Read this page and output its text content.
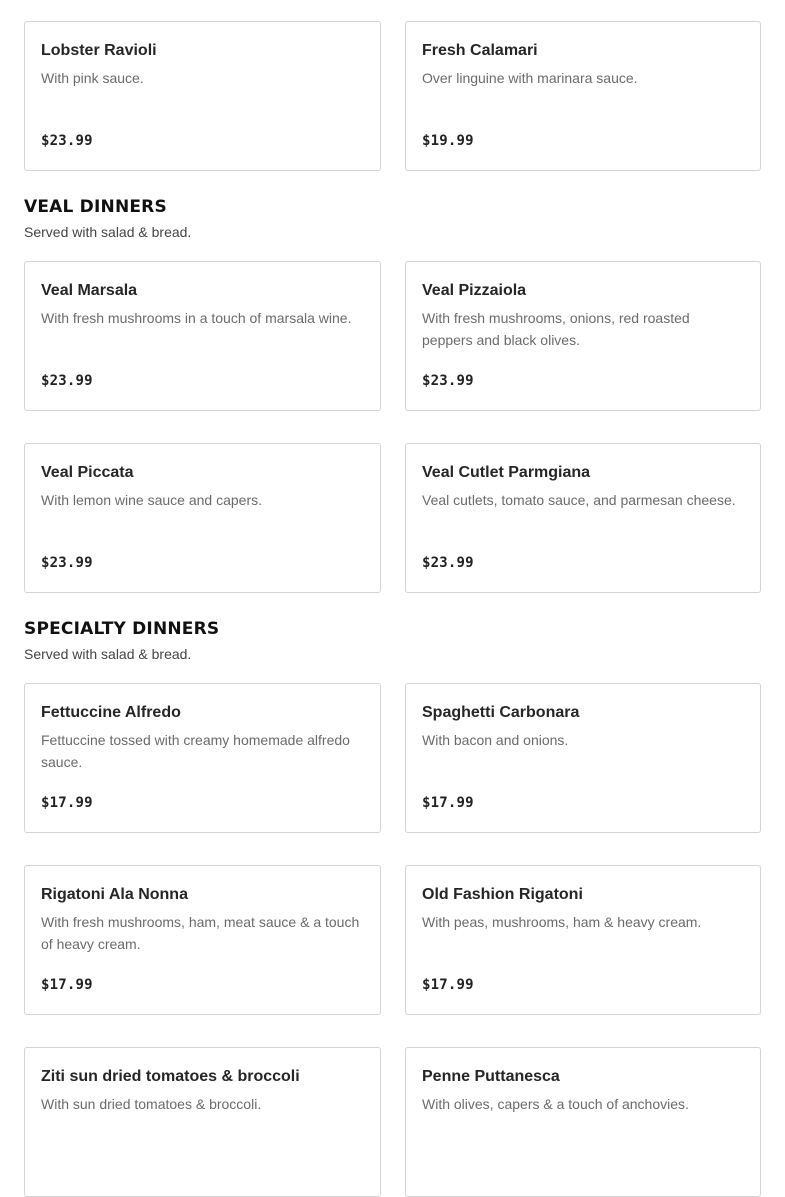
Lobster Ravioli
With pink sauce.
$23.99
Fresh Calamari
Over linguine with marinara sauce.
$19.99
VEAL DINNERS
Served with salad & bread.
Veal Marsala
With fresh mushrooms in a touch of marsala wine.
$23.99
Veal Pizzaiola
With fresh mushrooms, onions, red roasted peppers and black olives.
$23.99
Veal Piccata
With lemon wine sauce and capers.
$23.99
Veal Cutlet Parmgiana
Veal cutlets, tomato sauce, and parmesan cheese.
$23.99
SPECIALTY DINNERS
Served with salad & bread.
Fettuccine Alfredo
Fettuccine tossed with creamy homemade alfredo sauce.
$17.99
Spaghetti Carbonara
With bacon and onions.
$17.99
Rigatoni Ala Nonna
With fresh mushrooms, ham, meat sauce & a touch of heavy cream.
$17.99
Old Fashion Rigatoni
With peas, mushrooms, ham & heavy cream.
$17.99
Ziti sun dried tomatoes & broccoli
With sun dried tomatoes & broccoli.
Penne Puttanesca
With olives, capers & a touch of anchovies.
